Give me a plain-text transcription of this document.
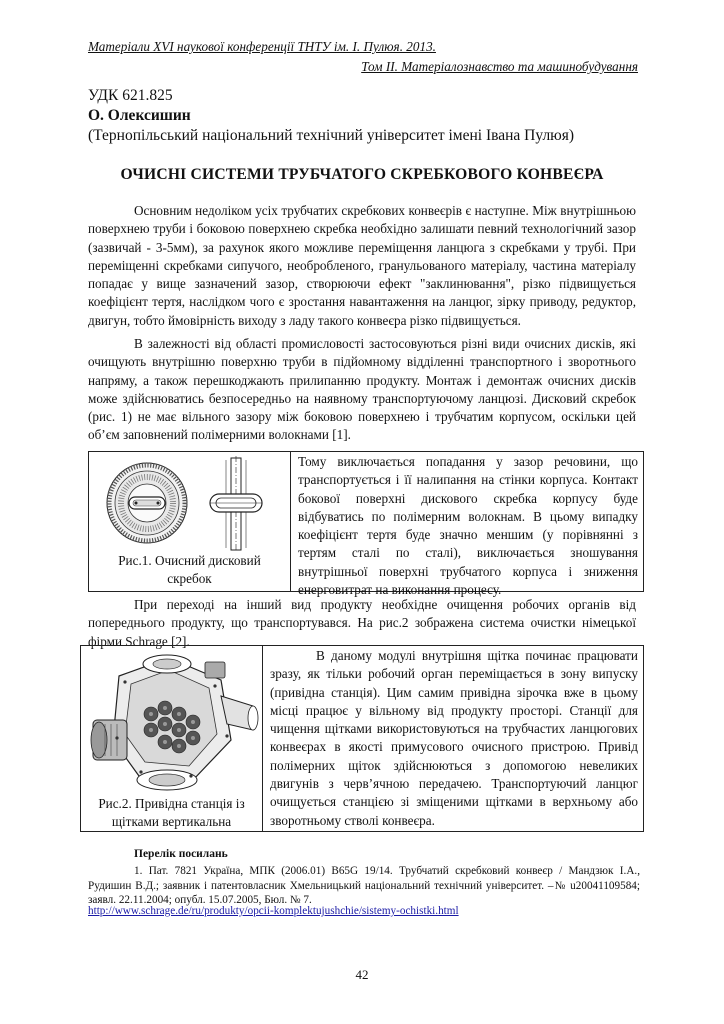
Матеріали XVІ наукової конференції ТНТУ ім. І. Пулюя. 2013.
Том ІІ. Матеріалознавство та машинобудування
УДК 621.825
О. Олексишин
(Тернопільський національний технічний університет імені Івана Пулюя)
ОЧИСНІ СИСТЕМИ ТРУБЧАТОГО СКРЕБКОВОГО КОНВЕЄРА

Основним недоліком усіх трубчатих скребкових конвеєрів є наступне. Між внутрішньою поверхнею труби і боковою поверхнею скребка необхідно залишати певний технологічний зазор (зазвичай - 3-5мм), за рахунок якого можливе переміщення ланцюга з скребками у трубі. При переміщенні скребками сипучого, необробленого, гранульованого матеріалу, частина матеріалу попадає у вище зазначений зазор, створюючи ефект "заклинювання", різко підвищується коефіцієнт тертя, наслідком чого є зростання навантаження на ланцюг, зірку приводу, редуктор, двигун, тобто ймовірність виходу з ладу такого конвеєра різко підвищується.

В залежності від області промисловості застосовуються різні види очисних дисків, які очищують внутрішню поверхню труби в підйомному відділенні транспортного і зворотнього напряму, а також перешкоджають прилипанню продукту. Монтаж і демонтаж очисних дисків може здійснюватись безпосередньо на наявному транспортуючому ланцюзі. Дисковий скребок (рис. 1) не має вільного зазору між боковою поверхнею і трубчатим корпусом, оскільки цей об’єм заповнений полімерними волокнами [1].

Рис.1. Очисний дисковий скребок

Тому виключається попадання у зазор речовини, що транспортується і її налипання на стінки корпуса. Контакт бокової поверхні дискового скребка корпусу буде відбуватись по полімерним волокнам. В цьому випадку коефіцієнт тертя буде значно меншим (у порівнянні з тертям сталі по сталі), виключається зношування внутрішньої поверхні трубчатого корпуса і зниження енерговитрат на виконання процесу.

При переході на інший вид продукту необхідне очищення робочих органів від попереднього продукту, що транспортувався. На рис.2 зображена система очистки німецької фірми Schrage [2].

Рис.2. Привідна станція із щітками вертикальна

В даному модулі внутрішня щітка починає працювати зразу, як тільки робочий орган переміщається в зону випуску (привідна станція). Цим самим привідна зірочка вже в цьому місці працює у вільному від продукту просторі. Станції для чищення щітками використовуються на трубчастих ланцюгових конвеєрах в якості примусового очисного пристрою. Привід полімерних щіток здійснюються з допомогою невеликих двигунів з черв’ячною передачею. Транспортуючий ланцюг очищується станцією зі зміщеними щітками в верхньому або зворотньому стволі конвеєра.

Перелік посилань

1. Пат. 7821 Україна, МПК (2006.01) B65G 19/14. Трубчатий скребковий конвеєр / Мандзюк І.А., Рудишин В.Д.; заявник і патентовласник Хмельницький національний технічний університет. –№ u20041109584; заявл. 22.11.2004; опубл. 15.07.2005, Бюл. № 7.

http://www.schrage.de/ru/produkty/opcii-komplektujushchie/sistemy-ochistki.html
42
